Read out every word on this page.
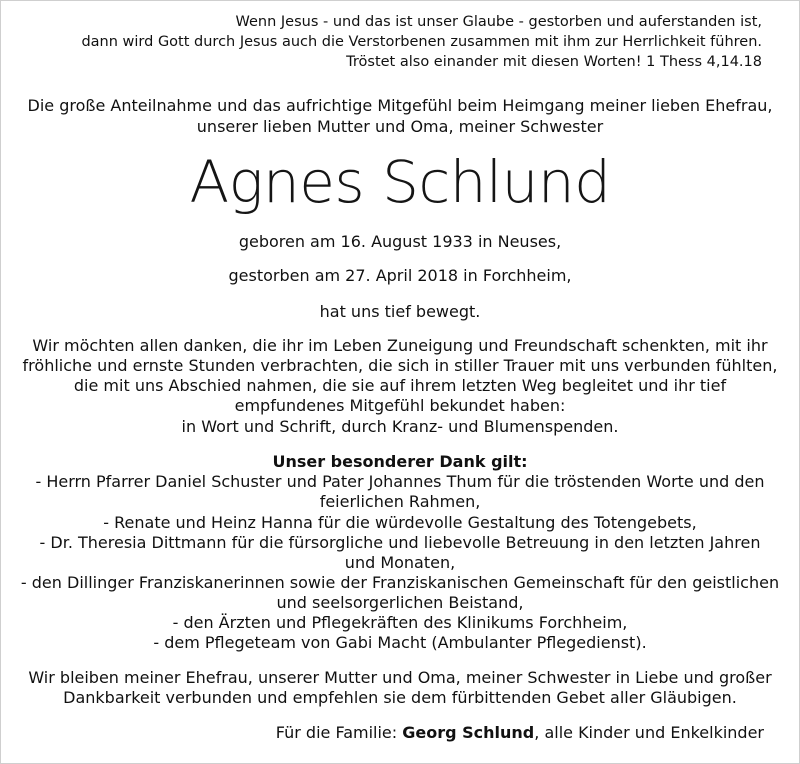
Wenn Jesus - und das ist unser Glaube - gestorben und auferstanden ist,
dann wird Gott durch Jesus auch die Verstorbenen zusammen mit ihm zur Herrlichkeit führen.
Tröstet also einander mit diesen Worten! 1 Thess 4,14.18
Die große Anteilnahme und das aufrichtige Mitgefühl beim Heimgang meiner lieben Ehefrau,
unserer lieben Mutter und Oma, meiner Schwester
Agnes Schlund
geboren am 16. August 1933 in Neuses,
gestorben am 27. April 2018 in Forchheim,
hat uns tief bewegt.
Wir möchten allen danken, die ihr im Leben Zuneigung und Freundschaft schenkten, mit ihr
fröhliche und ernste Stunden verbrachten, die sich in stiller Trauer mit uns verbunden fühlten,
die mit uns Abschied nahmen, die sie auf ihrem letzten Weg begleitet und ihr tief
empfundenes Mitgefühl bekundet haben:
in Wort und Schrift, durch Kranz- und Blumenspenden.
Unser besonderer Dank gilt:
- Herrn Pfarrer Daniel Schuster und Pater Johannes Thum für die tröstenden Worte und den
feierlichen Rahmen,
- Renate und Heinz Hanna für die würdevolle Gestaltung des Totengebets,
- Dr. Theresia Dittmann für die fürsorgliche und liebevolle Betreuung in den letzten Jahren
und Monaten,
- den Dillinger Franziskanerinnen sowie der Franziskanischen Gemeinschaft für den geistlichen
und seelsorgerlichen Beistand,
- den Ärzten und Pflegekräften des Klinikums Forchheim,
- dem Pflegeteam von Gabi Macht (Ambulanter Pflegedienst).
Wir bleiben meiner Ehefrau, unserer Mutter und Oma, meiner Schwester in Liebe und großer
Dankbarkeit verbunden und empfehlen sie dem fürbittenden Gebet aller Gläubigen.
Für die Familie: Georg Schlund, alle Kinder und Enkelkinder
